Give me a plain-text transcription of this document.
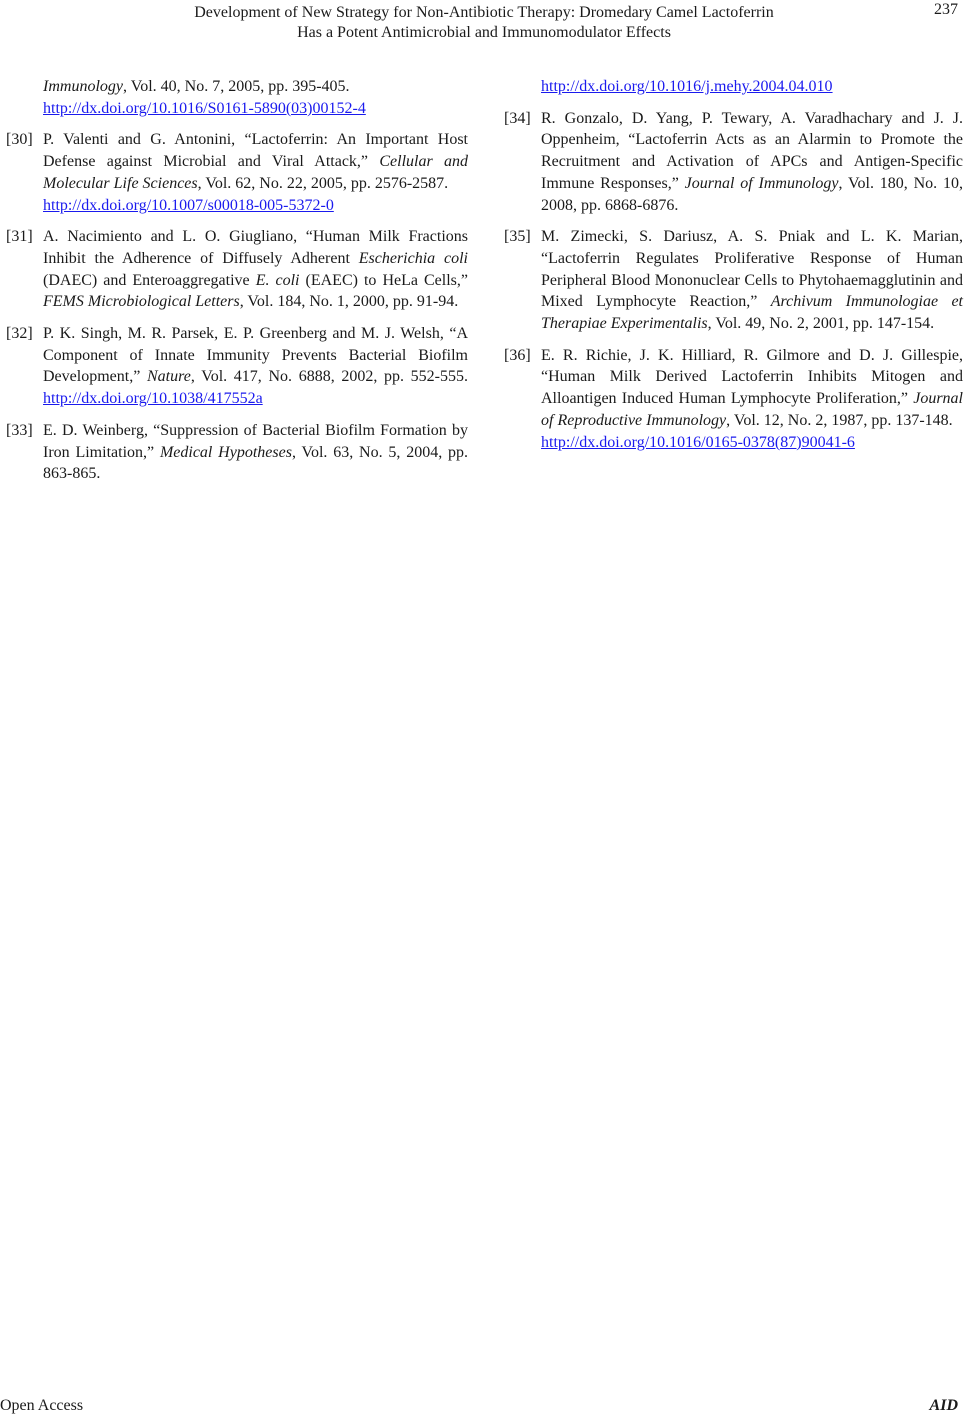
Development of New Strategy for Non-Antibiotic Therapy: Dromedary Camel Lactoferrin
Has a Potent Antimicrobial and Immunomodulator Effects
237
Immunology, Vol. 40, No. 7, 2005, pp. 395-405.
http://dx.doi.org/10.1016/S0161-5890(03)00152-4
[30] P. Valenti and G. Antonini, “Lactoferrin: An Important Host Defense against Microbial and Viral Attack,” Cellular and Molecular Life Sciences, Vol. 62, No. 22, 2005, pp. 2576-2587.
http://dx.doi.org/10.1007/s00018-005-5372-0
[31] A. Nacimiento and L. O. Giugliano, “Human Milk Fractions Inhibit the Adherence of Diffusely Adherent Escherichia coli (DAEC) and Enteroaggregative E. coli (EAEC) to HeLa Cells,” FEMS Microbiological Letters, Vol. 184, No. 1, 2000, pp. 91-94.
[32] P. K. Singh, M. R. Parsek, E. P. Greenberg and M. J. Welsh, “A Component of Innate Immunity Prevents Bacterial Biofilm Development,” Nature, Vol. 417, No. 6888, 2002, pp. 552-555. http://dx.doi.org/10.1038/417552a
[33] E. D. Weinberg, “Suppression of Bacterial Biofilm Formation by Iron Limitation,” Medical Hypotheses, Vol. 63, No. 5, 2004, pp. 863-865.
http://dx.doi.org/10.1016/j.mehy.2004.04.010
[34] R. Gonzalo, D. Yang, P. Tewary, A. Varadhachary and J. J. Oppenheim, “Lactoferrin Acts as an Alarmin to Promote the Recruitment and Activation of APCs and Antigen-Specific Immune Responses,” Journal of Immunology, Vol. 180, No. 10, 2008, pp. 6868-6876.
[35] M. Zimecki, S. Dariusz, A. S. Pniak and L. K. Marian, “Lactoferrin Regulates Proliferative Response of Human Peripheral Blood Mononuclear Cells to Phytohaemagglutinin and Mixed Lymphocyte Reaction,” Archivum Immunologiae et Therapiae Experimentalis, Vol. 49, No. 2, 2001, pp. 147-154.
[36] E. R. Richie, J. K. Hilliard, R. Gilmore and D. J. Gillespie, “Human Milk Derived Lactoferrin Inhibits Mitogen and Alloantigen Induced Human Lymphocyte Proliferation,” Journal of Reproductive Immunology, Vol. 12, No. 2, 1987, pp. 137-148.
http://dx.doi.org/10.1016/0165-0378(87)90041-6
Open Access	AID
